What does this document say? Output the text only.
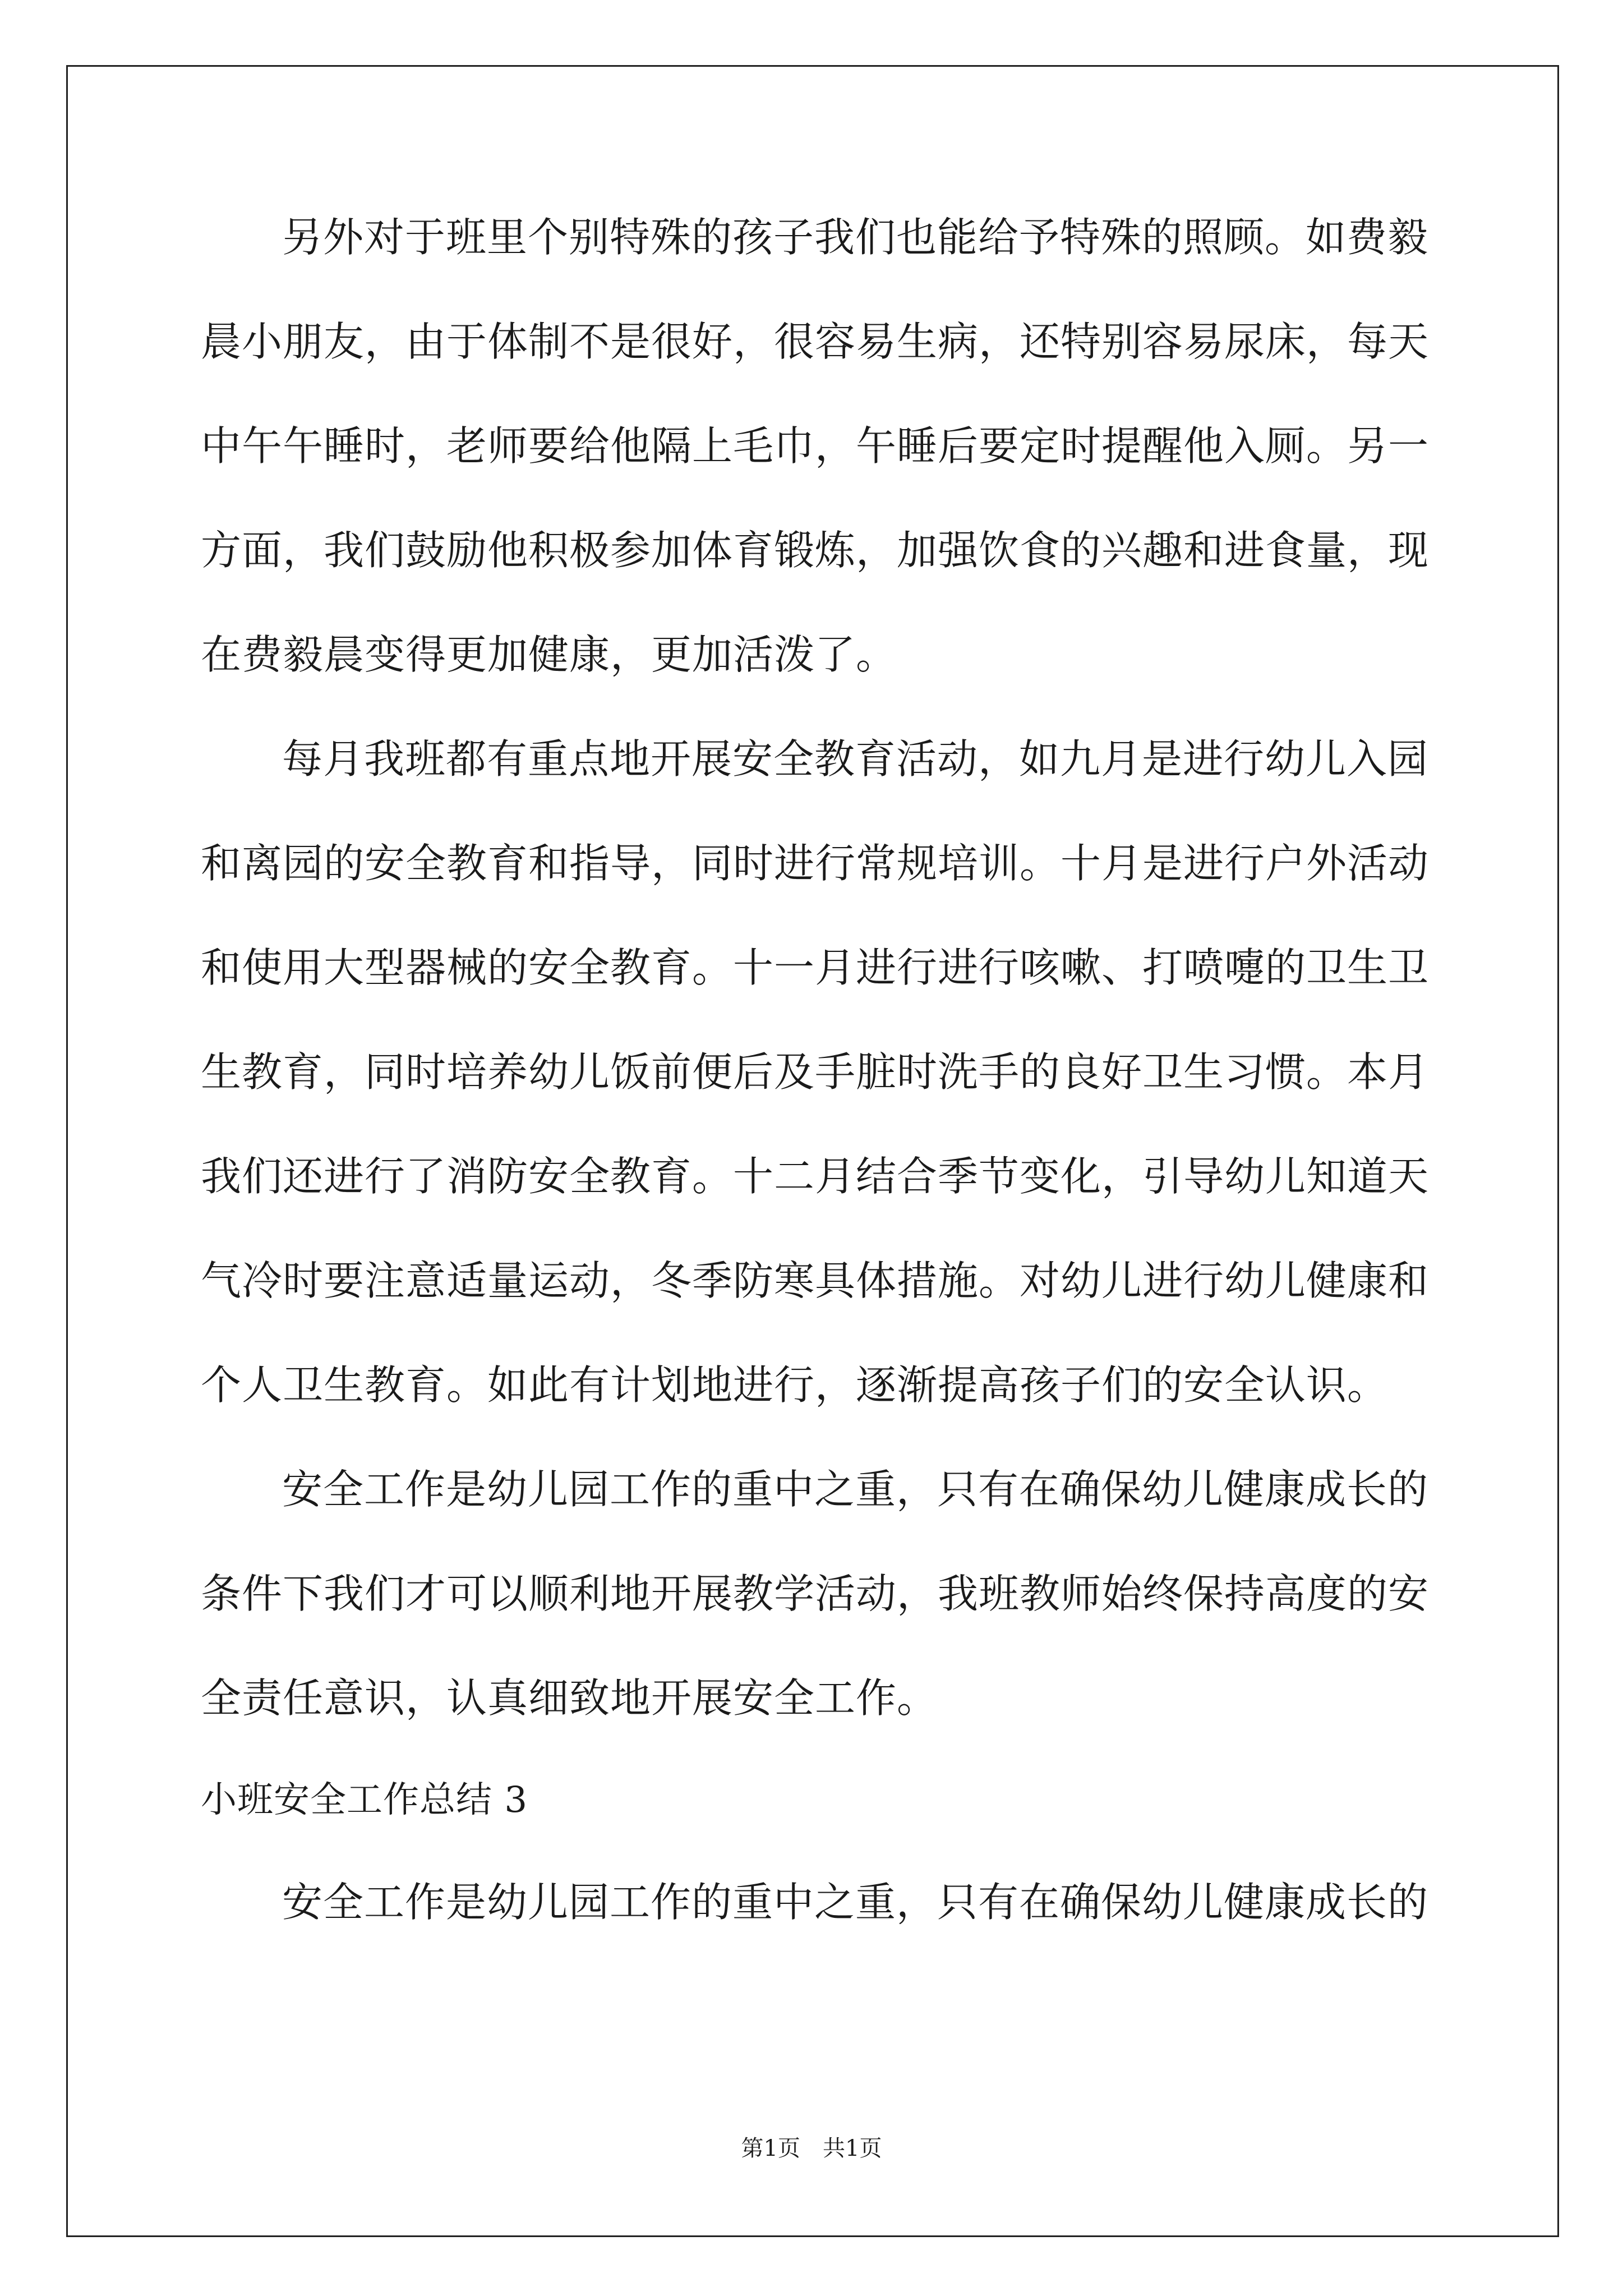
另外对于班里个别特殊的孩子我们也能给予特殊的照顾。如费毅
晨小朋友，由于体制不是很好，很容易生病，还特别容易尿床，每天
中午午睡时，老师要给他隔上毛巾，午睡后要定时提醒他入厕。另一
方面，我们鼓励他积极参加体育锻炼，加强饮食的兴趣和进食量，现
在费毅晨变得更加健康，更加活泼了。
每月我班都有重点地开展安全教育活动，如九月是进行幼儿入园
和离园的安全教育和指导，同时进行常规培训。十月是进行户外活动
和使用大型器械的安全教育。十一月进行进行咳嗽、打喷嚏的卫生卫
生教育，同时培养幼儿饭前便后及手脏时洗手的良好卫生习惯。本月
我们还进行了消防安全教育。十二月结合季节变化，引导幼儿知道天
气冷时要注意适量运动，冬季防寒具体措施。对幼儿进行幼儿健康和
个人卫生教育。如此有计划地进行，逐渐提高孩子们的安全认识。
安全工作是幼儿园工作的重中之重，只有在确保幼儿健康成长的
条件下我们才可以顺利地开展教学活动，我班教师始终保持高度的安
全责任意识，认真细致地开展安全工作。
小班安全工作总结 3
安全工作是幼儿园工作的重中之重，只有在确保幼儿健康成长的
第1页　共1页
